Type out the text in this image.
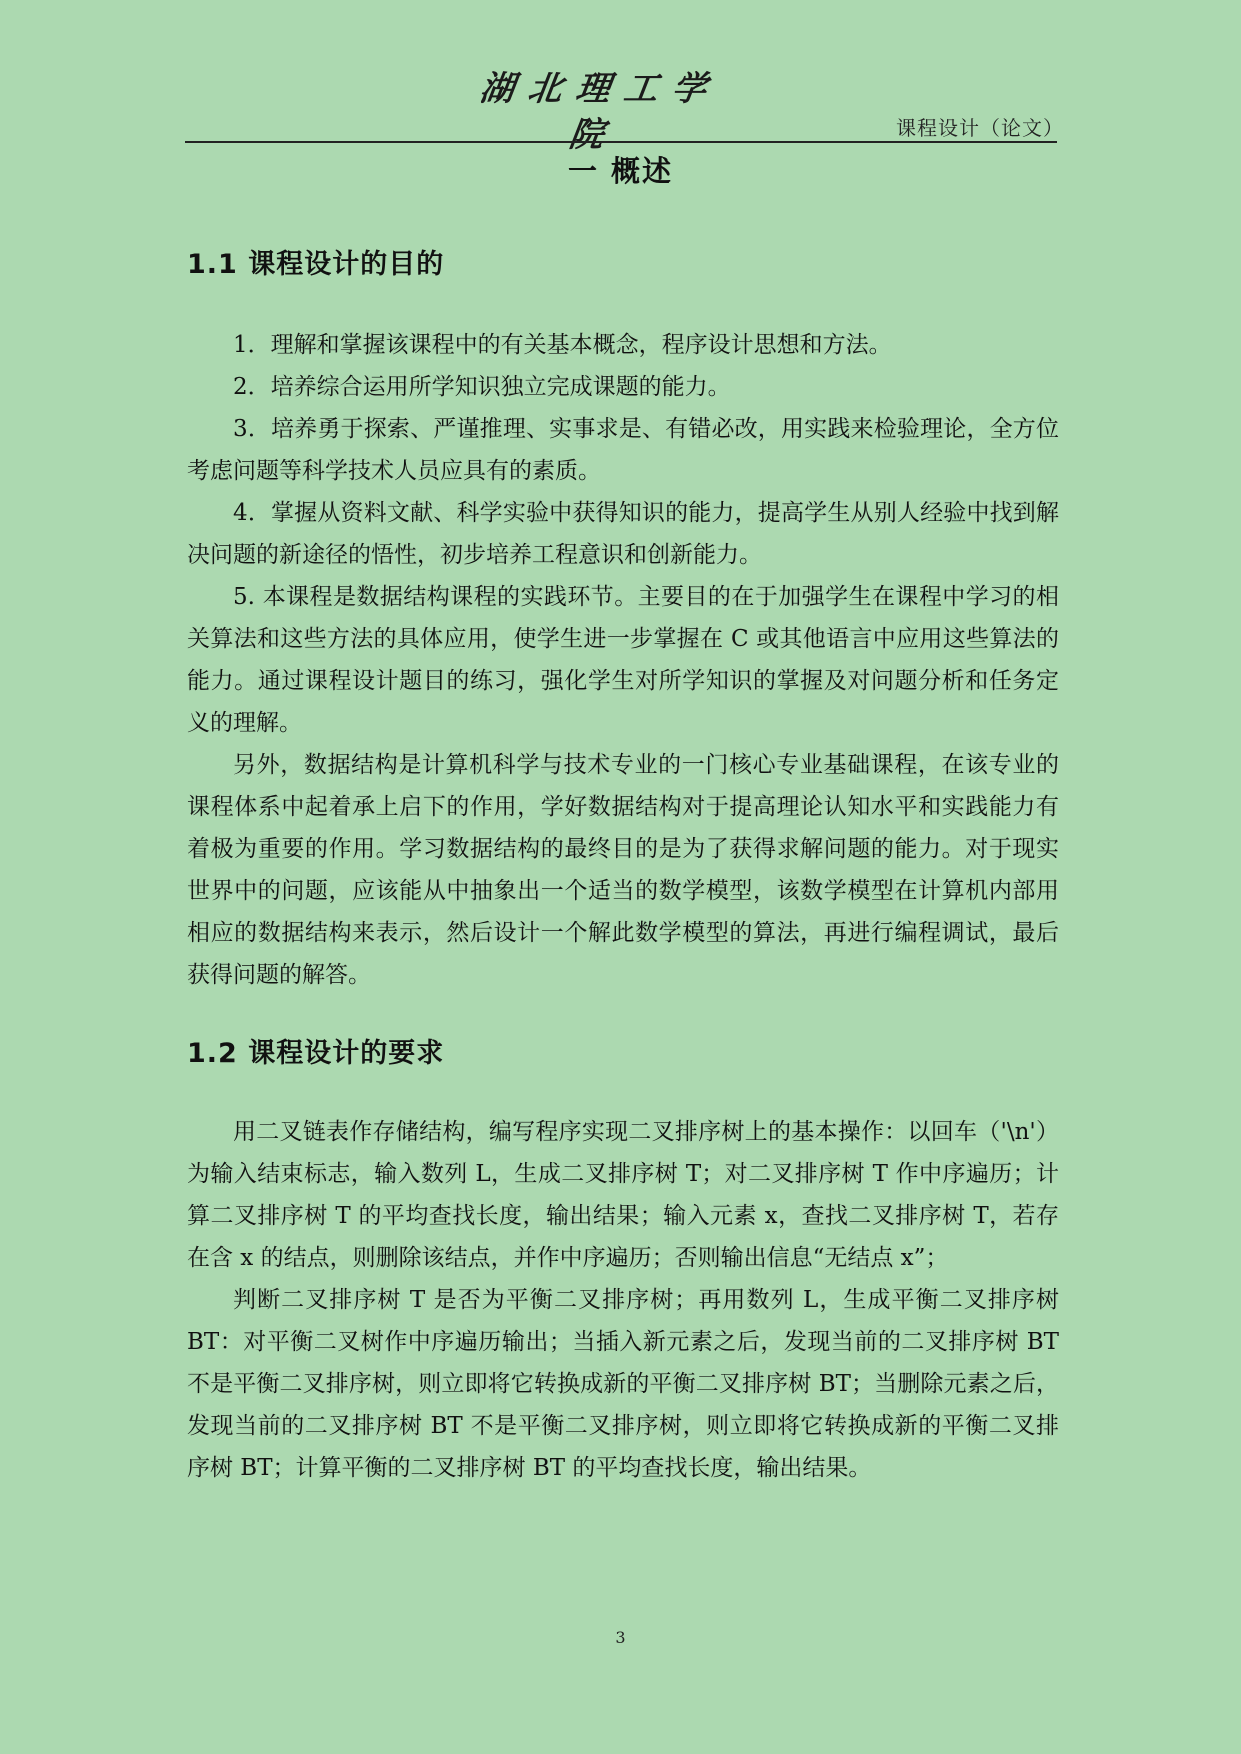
湖北理工学院	课程设计（论文）
一 概述
1.1 课程设计的目的

1．理解和掌握该课程中的有关基本概念，程序设计思想和方法。

2．培养综合运用所学知识独立完成课题的能力。

3．培养勇于探索、严谨推理、实事求是、有错必改，用实践来检验理论，全方位考虑问题等科学技术人员应具有的素质。

4．掌握从资料文献、科学实验中获得知识的能力，提高学生从别人经验中找到解决问题的新途径的悟性，初步培养工程意识和创新能力。

5. 本课程是数据结构课程的实践环节。主要目的在于加强学生在课程中学习的相关算法和这些方法的具体应用，使学生进一步掌握在 C 或其他语言中应用这些算法的能力。通过课程设计题目的练习，强化学生对所学知识的掌握及对问题分析和任务定义的理解。

另外，数据结构是计算机科学与技术专业的一门核心专业基础课程，在该专业的课程体系中起着承上启下的作用，学好数据结构对于提高理论认知水平和实践能力有着极为重要的作用。学习数据结构的最终目的是为了获得求解问题的能力。对于现实世界中的问题，应该能从中抽象出一个适当的数学模型，该数学模型在计算机内部用相应的数据结构来表示，然后设计一个解此数学模型的算法，再进行编程调试，最后获得问题的解答。

1.2 课程设计的要求

用二叉链表作存储结构，编写程序实现二叉排序树上的基本操作：以回车（'\n'）为输入结束标志，输入数列 L，生成二叉排序树 T；对二叉排序树 T 作中序遍历；计算二叉排序树 T 的平均查找长度，输出结果；输入元素 x，查找二叉排序树 T，若存在含 x 的结点，则删除该结点，并作中序遍历；否则输出信息“无结点 x”；

判断二叉排序树 T 是否为平衡二叉排序树；再用数列 L，生成平衡二叉排序树 BT：对平衡二叉树作中序遍历输出；当插入新元素之后，发现当前的二叉排序树 BT 不是平衡二叉排序树，则立即将它转换成新的平衡二叉排序树 BT；当删除元素之后，发现当前的二叉排序树 BT 不是平衡二叉排序树，则立即将它转换成新的平衡二叉排序树 BT；计算平衡的二叉排序树 BT 的平均查找长度，输出结果。

3
